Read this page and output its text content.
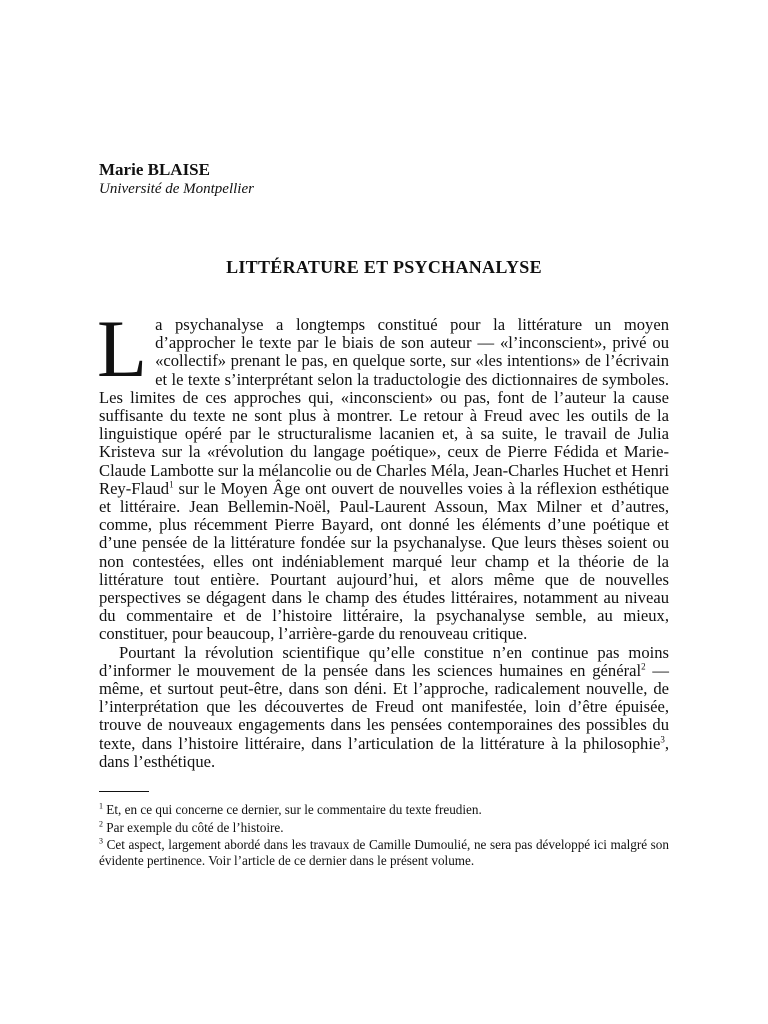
Marie BLAISE

Université de Montpellier

LITTÉRATURE ET PSYCHANALYSE

La psychanalyse a longtemps constitué pour la littérature un moyen d’approcher le texte par le biais de son auteur — «l’inconscient», privé ou «collectif» prenant le pas, en quelque sorte, sur «les intentions» de l’écrivain et le texte s’interprétant selon la traductologie des dictionnaires de symboles. Les limites de ces approches qui, «inconscient» ou pas, font de l’auteur la cause suffisante du texte ne sont plus à montrer. Le retour à Freud avec les outils de la linguistique opéré par le structuralisme lacanien et, à sa suite, le travail de Julia Kristeva sur la «révolution du langage poétique», ceux de Pierre Fédida et Marie-Claude Lambotte sur la mélancolie ou de Charles Méla, Jean-Charles Huchet et Henri Rey-Flaud$^1$ sur le Moyen Âge ont ouvert de nouvelles voies à la réflexion esthétique et littéraire. Jean Bellemin-Noël, Paul-Laurent Assoun, Max Milner et d’autres, comme, plus récemment Pierre Bayard, ont donné les éléments d’une poétique et d’une pensée de la littérature fondée sur la psychanalyse. Que leurs thèses soient ou non contestées, elles ont indéniablement marqué leur champ et la théorie de la littérature tout entière. Pourtant aujourd’hui, et alors même que de nouvelles perspectives se dégagent dans le champ des études littéraires, notamment au niveau du commentaire et de l’histoire littéraire, la psychanalyse semble, au mieux, constituer, pour beaucoup, l’arrière-garde du renouveau critique.

Pourtant la révolution scientifique qu’elle constitue n’en continue pas moins d’informer le mouvement de la pensée dans les sciences humaines en général$^2$ — même, et surtout peut-être, dans son déni. Et l’approche, radicalement nouvelle, de l’interprétation que les découvertes de Freud ont manifestée, loin d’être épuisée, trouve de nouveaux engagements dans les pensées contemporaines des possibles du texte, dans l’histoire littéraire, dans l’articulation de la littérature à la philosophie$^3$, dans l’esthétique.

$^1$ Et, en ce qui concerne ce dernier, sur le commentaire du texte freudien.

$^2$ Par exemple du côté de l’histoire.

$^3$ Cet aspect, largement abordé dans les travaux de Camille Dumoulié, ne sera pas développé ici malgré son évidente pertinence. Voir l’article de ce dernier dans le présent volume.
